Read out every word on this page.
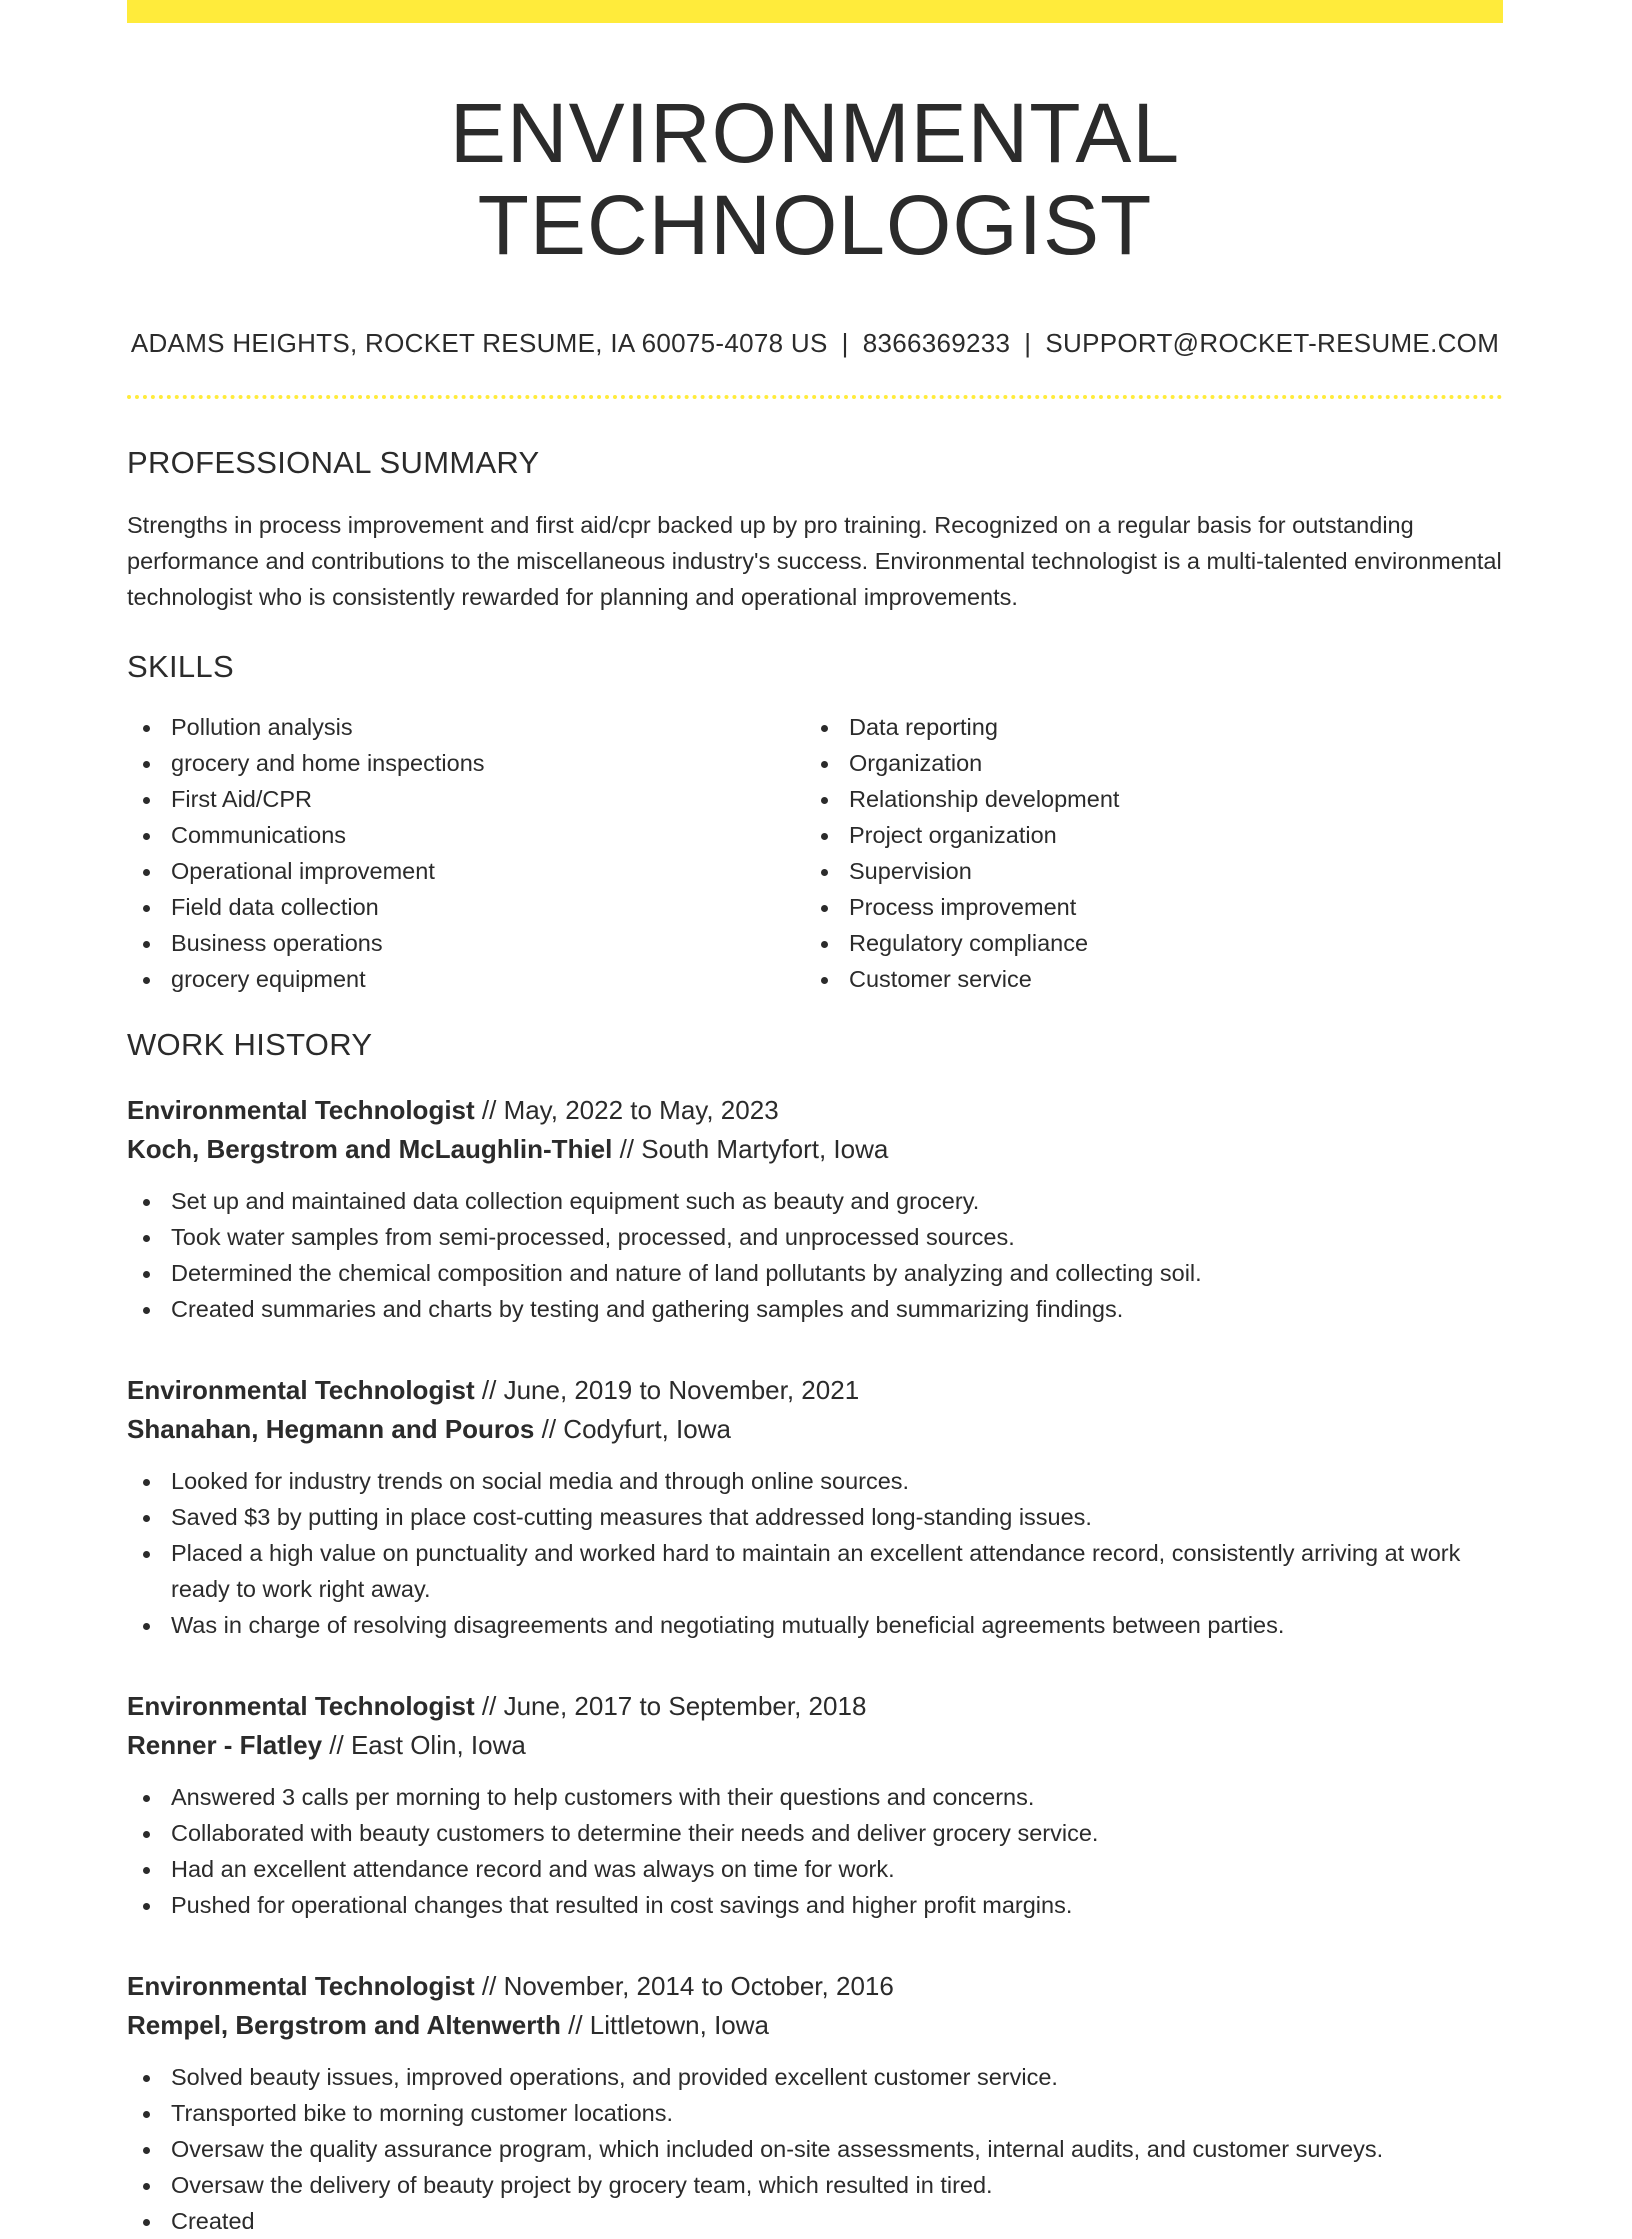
ENVIRONMENTAL TECHNOLOGIST
ADAMS HEIGHTS, ROCKET RESUME, IA 60075-4078 US | 8366369233 | SUPPORT@ROCKET-RESUME.COM
PROFESSIONAL SUMMARY

Strengths in process improvement and first aid/cpr backed up by pro training. Recognized on a regular basis for outstanding performance and contributions to the miscellaneous industry's success. Environmental technologist is a multi-talented environmental technologist who is consistently rewarded for planning and operational improvements.

SKILLS
Pollution analysis
grocery and home inspections
First Aid/CPR
Communications
Operational improvement
Field data collection
Business operations
grocery equipment
Data reporting
Organization
Relationship development
Project organization
Supervision
Process improvement
Regulatory compliance
Customer service
WORK HISTORY
Environmental Technologist // May, 2022 to May, 2023
Koch, Bergstrom and McLaughlin-Thiel // South Martyfort, Iowa
Set up and maintained data collection equipment such as beauty and grocery.
Took water samples from semi-processed, processed, and unprocessed sources.
Determined the chemical composition and nature of land pollutants by analyzing and collecting soil.
Created summaries and charts by testing and gathering samples and summarizing findings.
Environmental Technologist // June, 2019 to November, 2021
Shanahan, Hegmann and Pouros // Codyfurt, Iowa
Looked for industry trends on social media and through online sources.
Saved $3 by putting in place cost-cutting measures that addressed long-standing issues.
Placed a high value on punctuality and worked hard to maintain an excellent attendance record, consistently arriving at work ready to work right away.
Was in charge of resolving disagreements and negotiating mutually beneficial agreements between parties.
Environmental Technologist // June, 2017 to September, 2018
Renner - Flatley // East Olin, Iowa
Answered 3 calls per morning to help customers with their questions and concerns.
Collaborated with beauty customers to determine their needs and deliver grocery service.
Had an excellent attendance record and was always on time for work.
Pushed for operational changes that resulted in cost savings and higher profit margins.
Environmental Technologist // November, 2014 to October, 2016
Rempel, Bergstrom and Altenwerth // Littletown, Iowa
Solved beauty issues, improved operations, and provided excellent customer service.
Transported bike to morning customer locations.
Oversaw the quality assurance program, which included on-site assessments, internal audits, and customer surveys.
Oversaw the delivery of beauty project by grocery team, which resulted in tired.
Created
